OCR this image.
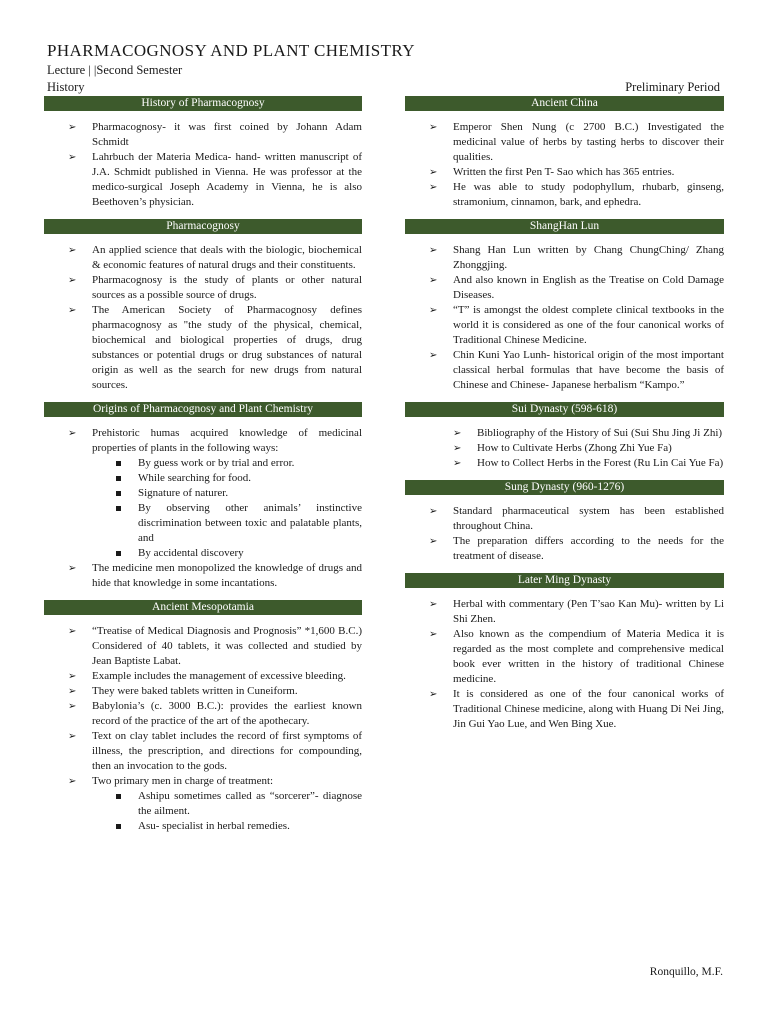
PHARMACOGNOSY AND PLANT CHEMISTRY
Lecture | |Second Semester
History	Preliminary Period
History of Pharmacognosy
➢ Pharmacognosy- it was first coined by Johann Adam Schmidt
➢ Lahrbuch der Materia Medica- hand- written manuscript of J.A. Schmidt published in Vienna. He was professor at the medico-surgical Joseph Academy in Vienna, he is also Beethoven’s physician.
Pharmacognosy
➢ An applied science that deals with the biologic, biochemical & economic features of natural drugs and their constituents.
➢ Pharmacognosy is the study of plants or other natural sources as a possible source of drugs.
➢ The American Society of Pharmacognosy defines pharmacognosy as "the study of the physical, chemical, biochemical and biological properties of drugs, drug substances or potential drugs or drug substances of natural origin as well as the search for new drugs from natural sources.
Origins of Pharmacognosy and Plant Chemistry
➢ Prehistoric humas acquired knowledge of medicinal properties of plants in the following ways:
By guess work or by trial and error.
While searching for food.
Signature of naturer.
By observing other animals’ instinctive discrimination between toxic and palatable plants, and
By accidental discovery
➢ The medicine men monopolized the knowledge of drugs and hide that knowledge in some incantations.
Ancient Mesopotamia
➢ “Treatise of Medical Diagnosis and Prognosis” *1,600 B.C.) Considered of 40 tablets, it was collected and studied by Jean Baptiste Labat.
➢ Example includes the management of excessive bleeding.
➢ They were baked tablets written in Cuneiform.
➢ Babylonia’s (c. 3000 B.C.): provides the earliest known record of the practice of the art of the apothecary.
➢ Text on clay tablet includes the record of first symptoms of illness, the prescription, and directions for compounding, then an invocation to the gods.
➢ Two primary men in charge of treatment:
Ashipu sometimes called as “sorcerer”- diagnose the ailment.
Asu- specialist in herbal remedies.
Ancient China
➢ Emperor Shen Nung (c 2700 B.C.) Investigated the medicinal value of herbs by tasting herbs to discover their qualities.
➢ Written the first Pen T- Sao which has 365 entries.
➢ He was able to study podophyllum, rhubarb, ginseng, stramonium, cinnamon, bark, and ephedra.
ShangHan Lun
➢ Shang Han Lun written by Chang ChungChing/ Zhang Zhonggjing.
➢ And also known in English as the Treatise on Cold Damage Diseases.
➢ “T” is amongst the oldest complete clinical textbooks in the world it is considered as one of the four canonical works of Traditional Chinese Medicine.
➢ Chin Kuni Yao Lunh- historical origin of the most important classical herbal formulas that have become the basis of Chinese and Chinese- Japanese herbalism “Kampo.”
Sui Dynasty (598-618)
➢ Bibliography of the History of Sui (Sui Shu Jing Ji Zhi)
➢ How to Cultivate Herbs (Zhong Zhi Yue Fa)
➢ How to Collect Herbs in the Forest (Ru Lin Cai Yue Fa)
Sung Dynasty (960-1276)
➢ Standard pharmaceutical system has been established throughout China.
➢ The preparation differs according to the needs for the treatment of disease.
Later Ming Dynasty
➢ Herbal with commentary (Pen T’sao Kan Mu)- written by Li Shi Zhen.
➢ Also known as the compendium of Materia Medica it is regarded as the most complete and comprehensive medical book ever written in the history of traditional Chinese medicine.
➢ It is considered as one of the four canonical works of Traditional Chinese medicine, along with Huang Di Nei Jing, Jin Gui Yao Lue, and Wen Bing Xue.
Ronquillo, M.F.
